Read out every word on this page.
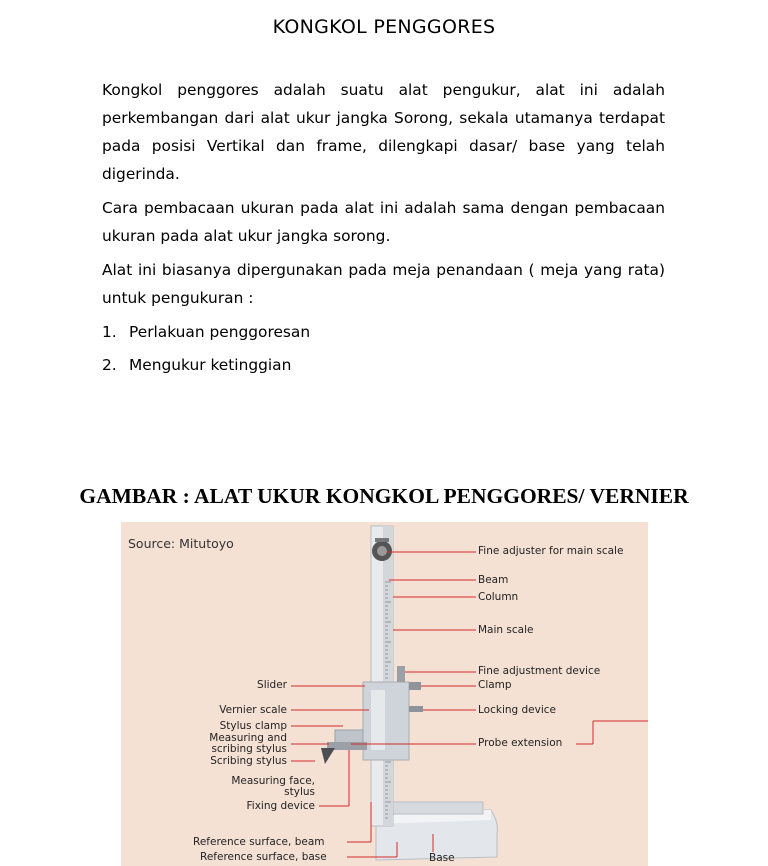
KONGKOL PENGGORES

Kongkol penggores adalah suatu alat pengukur, alat ini adalah perkembangan dari alat ukur jangka Sorong, sekala utamanya terdapat pada posisi Vertikal dan frame, dilengkapi dasar/ base yang telah digerinda.

Cara pembacaan ukuran pada alat ini adalah sama dengan pembacaan ukuran pada alat ukur jangka sorong.

Alat ini biasanya dipergunakan pada meja penandaan ( meja yang rata) untuk pengukuran :

1. Perlakuan penggoresan
2. Mengukur ketinggian
GAMBAR : ALAT UKUR KONGKOL PENGGORES/ VERNIER
Source: Mitutoyo	Fine adjuster for main scale
Beam
Column
Main scale
Fine adjustment device
Clamp
Locking device
Probe extension
Base
Slider
Vernier scale
Stylus clamp
Measuring and
scribing stylus
Scribing stylus
Measuring face,
stylus
Fixing device
Reference surface, beam
Reference surface, base
